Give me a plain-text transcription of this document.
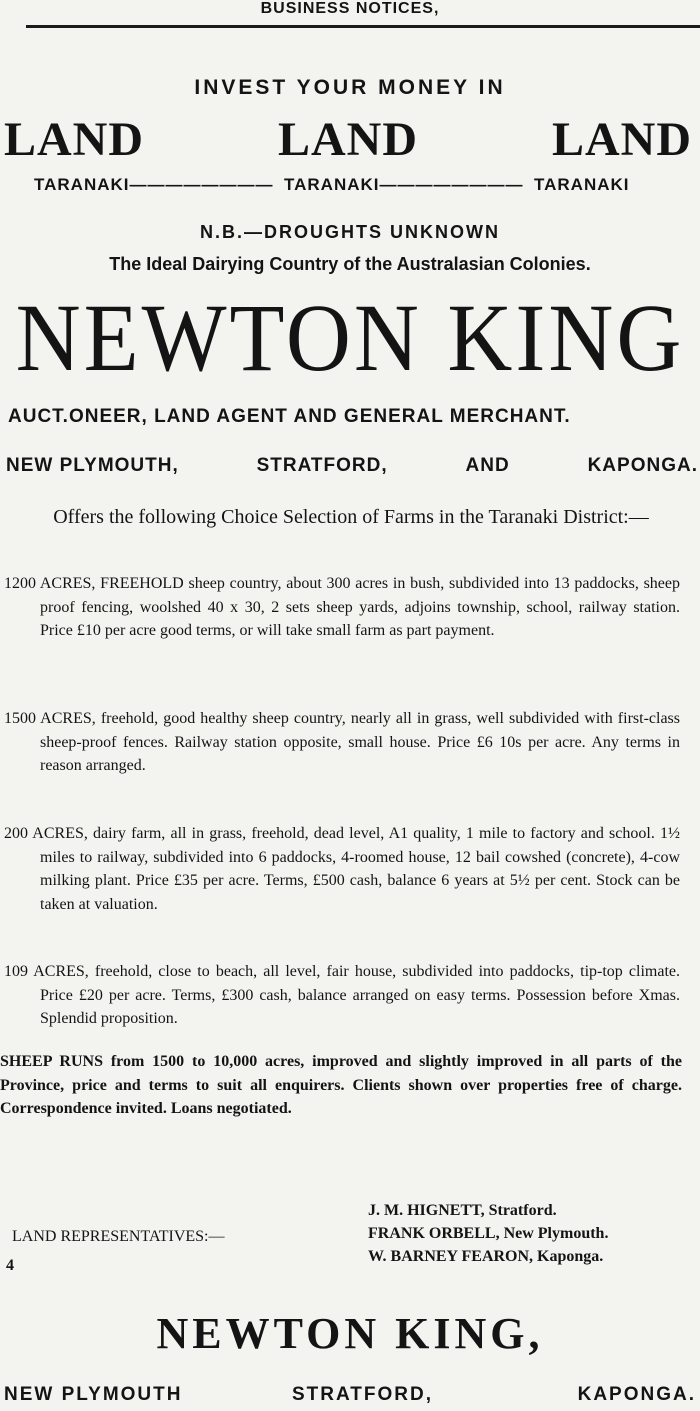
BUSINESS NOTICES,
INVEST YOUR MONEY IN
LAND	LAND	LAND
TARANAKI———————— TARANAKI———————— TARANAKI
N.B.—DROUGHTS UNKNOWN
The Ideal Dairying Country of the Australasian Colonies.
NEWTON KING
AUCT.ONEER, LAND AGENT AND GENERAL MERCHANT.
NEW PLYMOUTH,	STRATFORD,	AND	KAPONGA.
Offers the following Choice Selection of Farms in the Taranaki District:—
1200 ACRES, FREEHOLD sheep country, about 300 acres in bush, subdivided into 13 paddocks, sheep proof fencing, woolshed 40 x 30, 2 sets sheep yards, adjoins township, school, railway station. Price £10 per acre good terms, or will take small farm as part payment.
1500 ACRES, freehold, good healthy sheep country, nearly all in grass, well subdivided with first-class sheep-proof fences. Railway station opposite, small house. Price £6 10s per acre. Any terms in reason arranged.
200 ACRES, dairy farm, all in grass, freehold, dead level, A1 quality, 1 mile to factory and school. 1½ miles to railway, subdivided into 6 paddocks, 4-roomed house, 12 bail cowshed (concrete), 4-cow milking plant. Price £35 per acre. Terms, £500 cash, balance 6 years at 5½ per cent. Stock can be taken at valuation.
109 ACRES, freehold, close to beach, all level, fair house, subdivided into paddocks, tip-top climate. Price £20 per acre. Terms, £300 cash, balance arranged on easy terms. Possession before Xmas. Splendid proposition.
SHEEP RUNS from 1500 to 10,000 acres, improved and slightly improved in all parts of the Province, price and terms to suit all enquirers. Clients shown over properties free of charge. Correspondence invited. Loans negotiated.
LAND REPRESENTATIVES:—
J. M. HIGNETT, Stratford.
FRANK ORBELL, New Plymouth.
W. BARNEY FEARON, Kaponga.
4
NEWTON KING,
NEW PLYMOUTH	STRATFORD,	KAPONGA.
